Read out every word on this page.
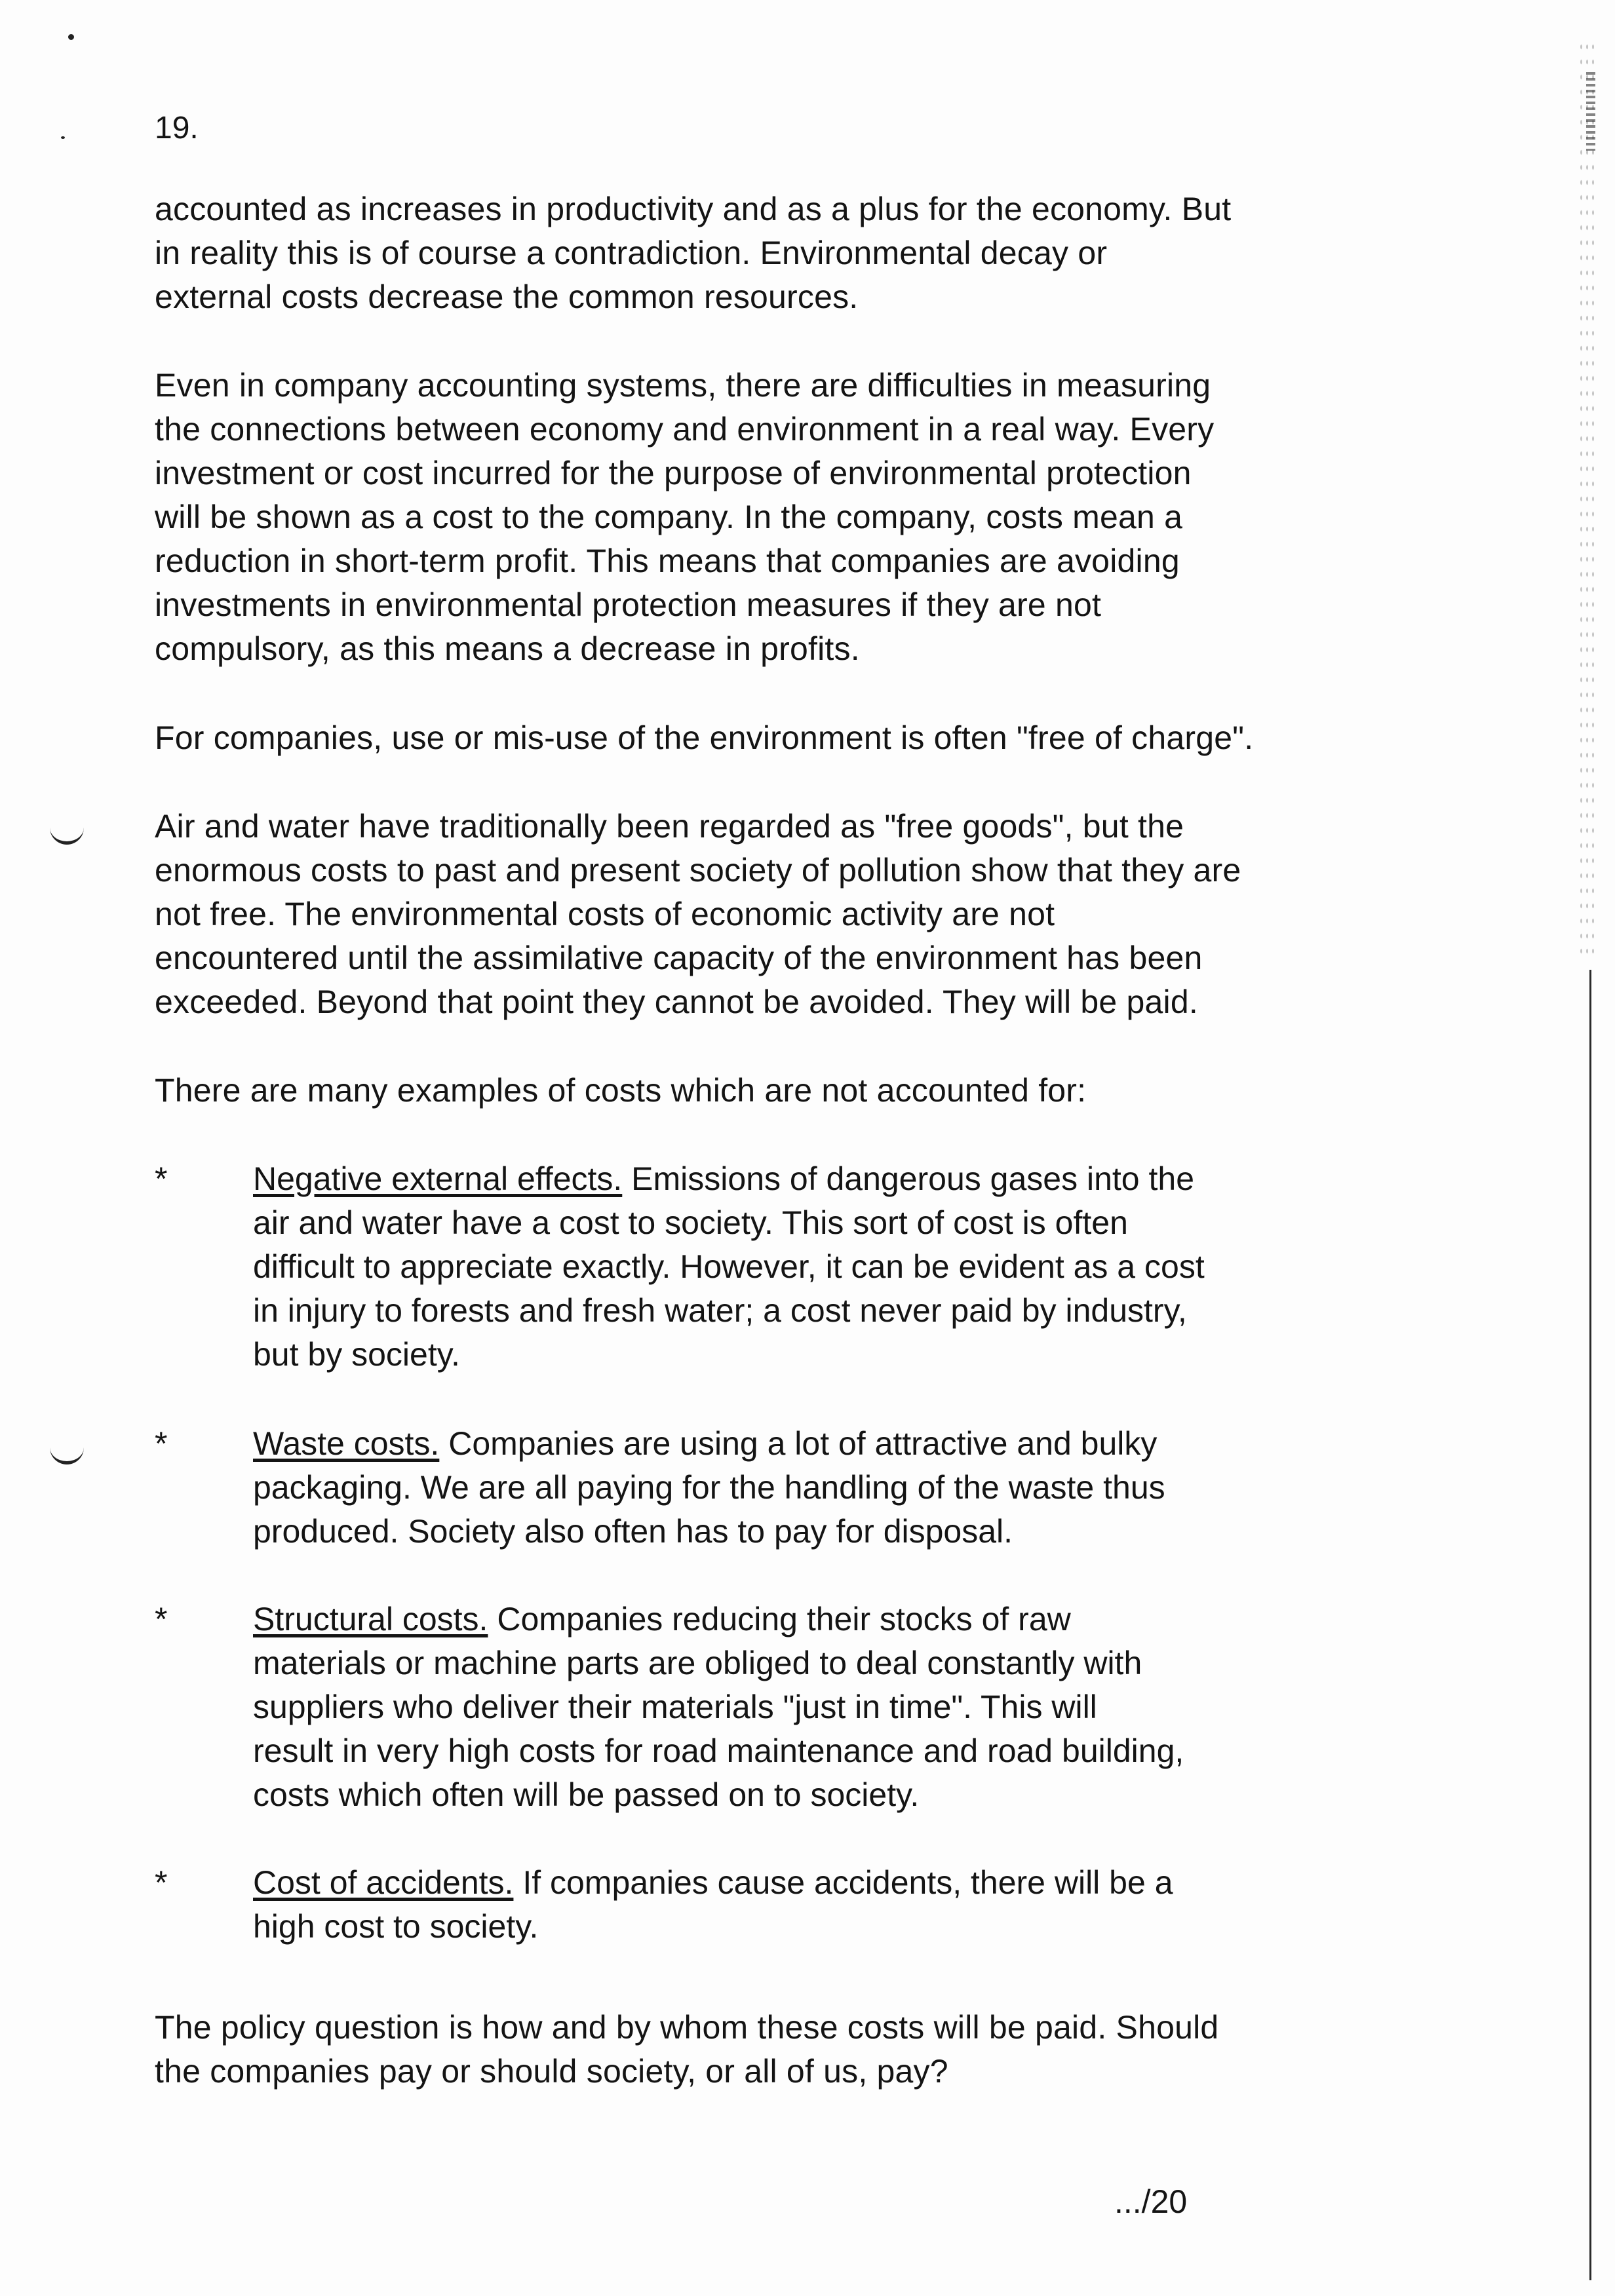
19.
accounted as increases in productivity and as a plus for the economy. But
in reality this is of course a contradiction. Environmental decay or
external costs decrease the common resources.
Even in company accounting systems, there are difficulties in measuring
the connections between economy and environment in a real way. Every
investment or cost incurred for the purpose of environmental protection
will be shown as a cost to the company. In the company, costs mean a
reduction in short-term profit. This means that companies are avoiding
investments in environmental protection measures if they are not
compulsory, as this means a decrease in profits.
For companies, use or mis-use of the environment is often "free of charge".
Air and water have traditionally been regarded as "free goods", but the
enormous costs to past and present society of pollution show that they are
not free. The environmental costs of economic activity are not
encountered until the assimilative capacity of the environment has been
exceeded. Beyond that point they cannot be avoided. They will be paid.
There are many examples of costs which are not accounted for:
*	Negative external effects. Emissions of dangerous gases into the
air and water have a cost to society. This sort of cost is often
difficult to appreciate exactly. However, it can be evident as a cost
in injury to forests and fresh water; a cost never paid by industry,
but by society.
*	Waste costs. Companies are using a lot of attractive and bulky
packaging. We are all paying for the handling of the waste thus
produced. Society also often has to pay for disposal.
*	Structural costs. Companies reducing their stocks of raw
materials or machine parts are obliged to deal constantly with
suppliers who deliver their materials "just in time". This will
result in very high costs for road maintenance and road building,
costs which often will be passed on to society.
*	Cost of accidents. If companies cause accidents, there will be a
high cost to society.
The policy question is how and by whom these costs will be paid. Should
the companies pay or should society, or all of us, pay?
.../20
